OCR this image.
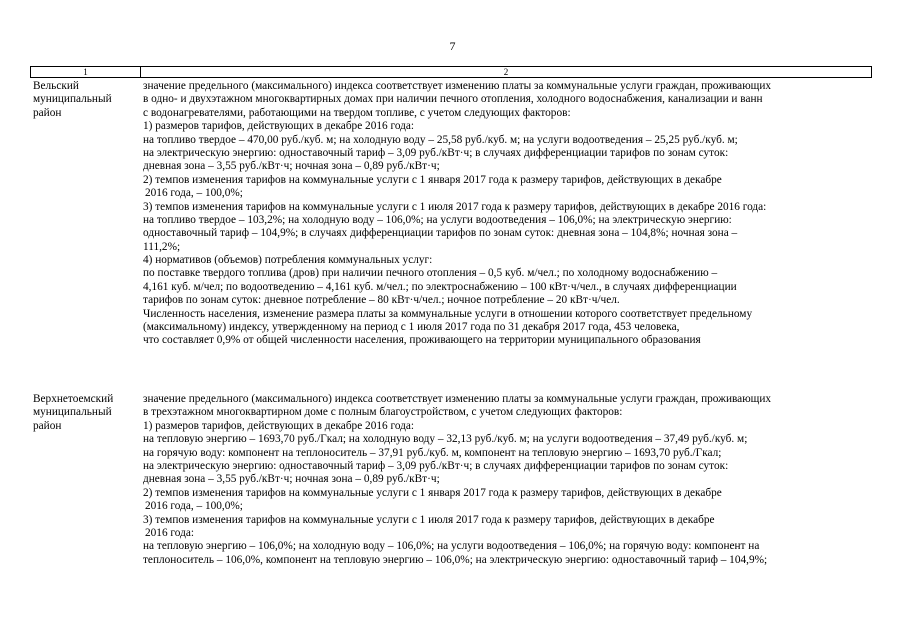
7
1	2
Вельский
муниципальный
район
значение предельного (максимального) индекса соответствует изменению платы за коммунальные услуги граждан, проживающих
в одно- и двухэтажном многоквартирных домах при наличии печного отопления, холодного водоснабжения, канализации и ванн
с водонагревателями, работающими на твердом топливе, с учетом следующих факторов:
1) размеров тарифов, действующих в декабре 2016 года:
на топливо твердое – 470,00 руб./куб. м; на холодную воду – 25,58 руб./куб. м; на услуги водоотведения – 25,25 руб./куб. м;
на электрическую энергию: одноставочный тариф – 3,09 руб./кВт·ч; в случаях дифференциации тарифов по зонам суток:
дневная зона – 3,55 руб./кВт·ч; ночная зона – 0,89 руб./кВт·ч;
2) темпов изменения тарифов на коммунальные услуги с 1 января 2017 года к размеру тарифов, действующих в декабре
2016 года, – 100,0%;
3) темпов изменения тарифов на коммунальные услуги с 1 июля 2017 года к размеру тарифов, действующих в декабре 2016 года:
на топливо твердое – 103,2%; на холодную воду – 106,0%; на услуги водоотведения – 106,0%; на электрическую энергию:
одноставочный тариф – 104,9%; в случаях дифференциации тарифов по зонам суток: дневная зона – 104,8%; ночная зона –
111,2%;
4) нормативов (объемов) потребления коммунальных услуг:
по поставке твердого топлива (дров) при наличии печного отопления – 0,5 куб. м/чел.; по холодному водоснабжению –
4,161 куб. м/чел; по водоотведению – 4,161 куб. м/чел.; по электроснабжению – 100 кВт·ч/чел., в случаях дифференциации
тарифов по зонам суток: дневное потребление – 80 кВт·ч/чел.; ночное потребление – 20 кВт·ч/чел.
Численность населения, изменение размера платы за коммунальные услуги в отношении которого соответствует предельному
(максимальному) индексу, утвержденному на период с 1 июля 2017 года по 31 декабря 2017 года, 453 человека,
что составляет 0,9% от общей численности населения, проживающего на территории муниципального образования
Верхнетоемский
муниципальный
район
значение предельного (максимального) индекса соответствует изменению платы за коммунальные услуги граждан, проживающих
в трехэтажном многоквартирном доме с полным благоустройством, с учетом следующих факторов:
1) размеров тарифов, действующих в декабре 2016 года:
на тепловую энергию – 1693,70 руб./Гкал; на холодную воду – 32,13 руб./куб. м; на услуги водоотведения – 37,49 руб./куб. м;
на горячую воду: компонент на теплоноситель – 37,91 руб./куб. м, компонент на тепловую энергию – 1693,70 руб./Гкал;
на электрическую энергию: одноставочный тариф – 3,09 руб./кВт·ч; в случаях дифференциации тарифов по зонам суток:
дневная зона – 3,55 руб./кВт·ч; ночная зона – 0,89 руб./кВт·ч;
2) темпов изменения тарифов на коммунальные услуги с 1 января 2017 года к размеру тарифов, действующих в декабре
2016 года, – 100,0%;
3) темпов изменения тарифов на коммунальные услуги с 1 июля 2017 года к размеру тарифов, действующих в декабре
2016 года:
на тепловую энергию – 106,0%; на холодную воду – 106,0%; на услуги водоотведения – 106,0%; на горячую воду: компонент на
теплоноситель – 106,0%, компонент на тепловую энергию – 106,0%; на электрическую энергию: одноставочный тариф – 104,9%;
